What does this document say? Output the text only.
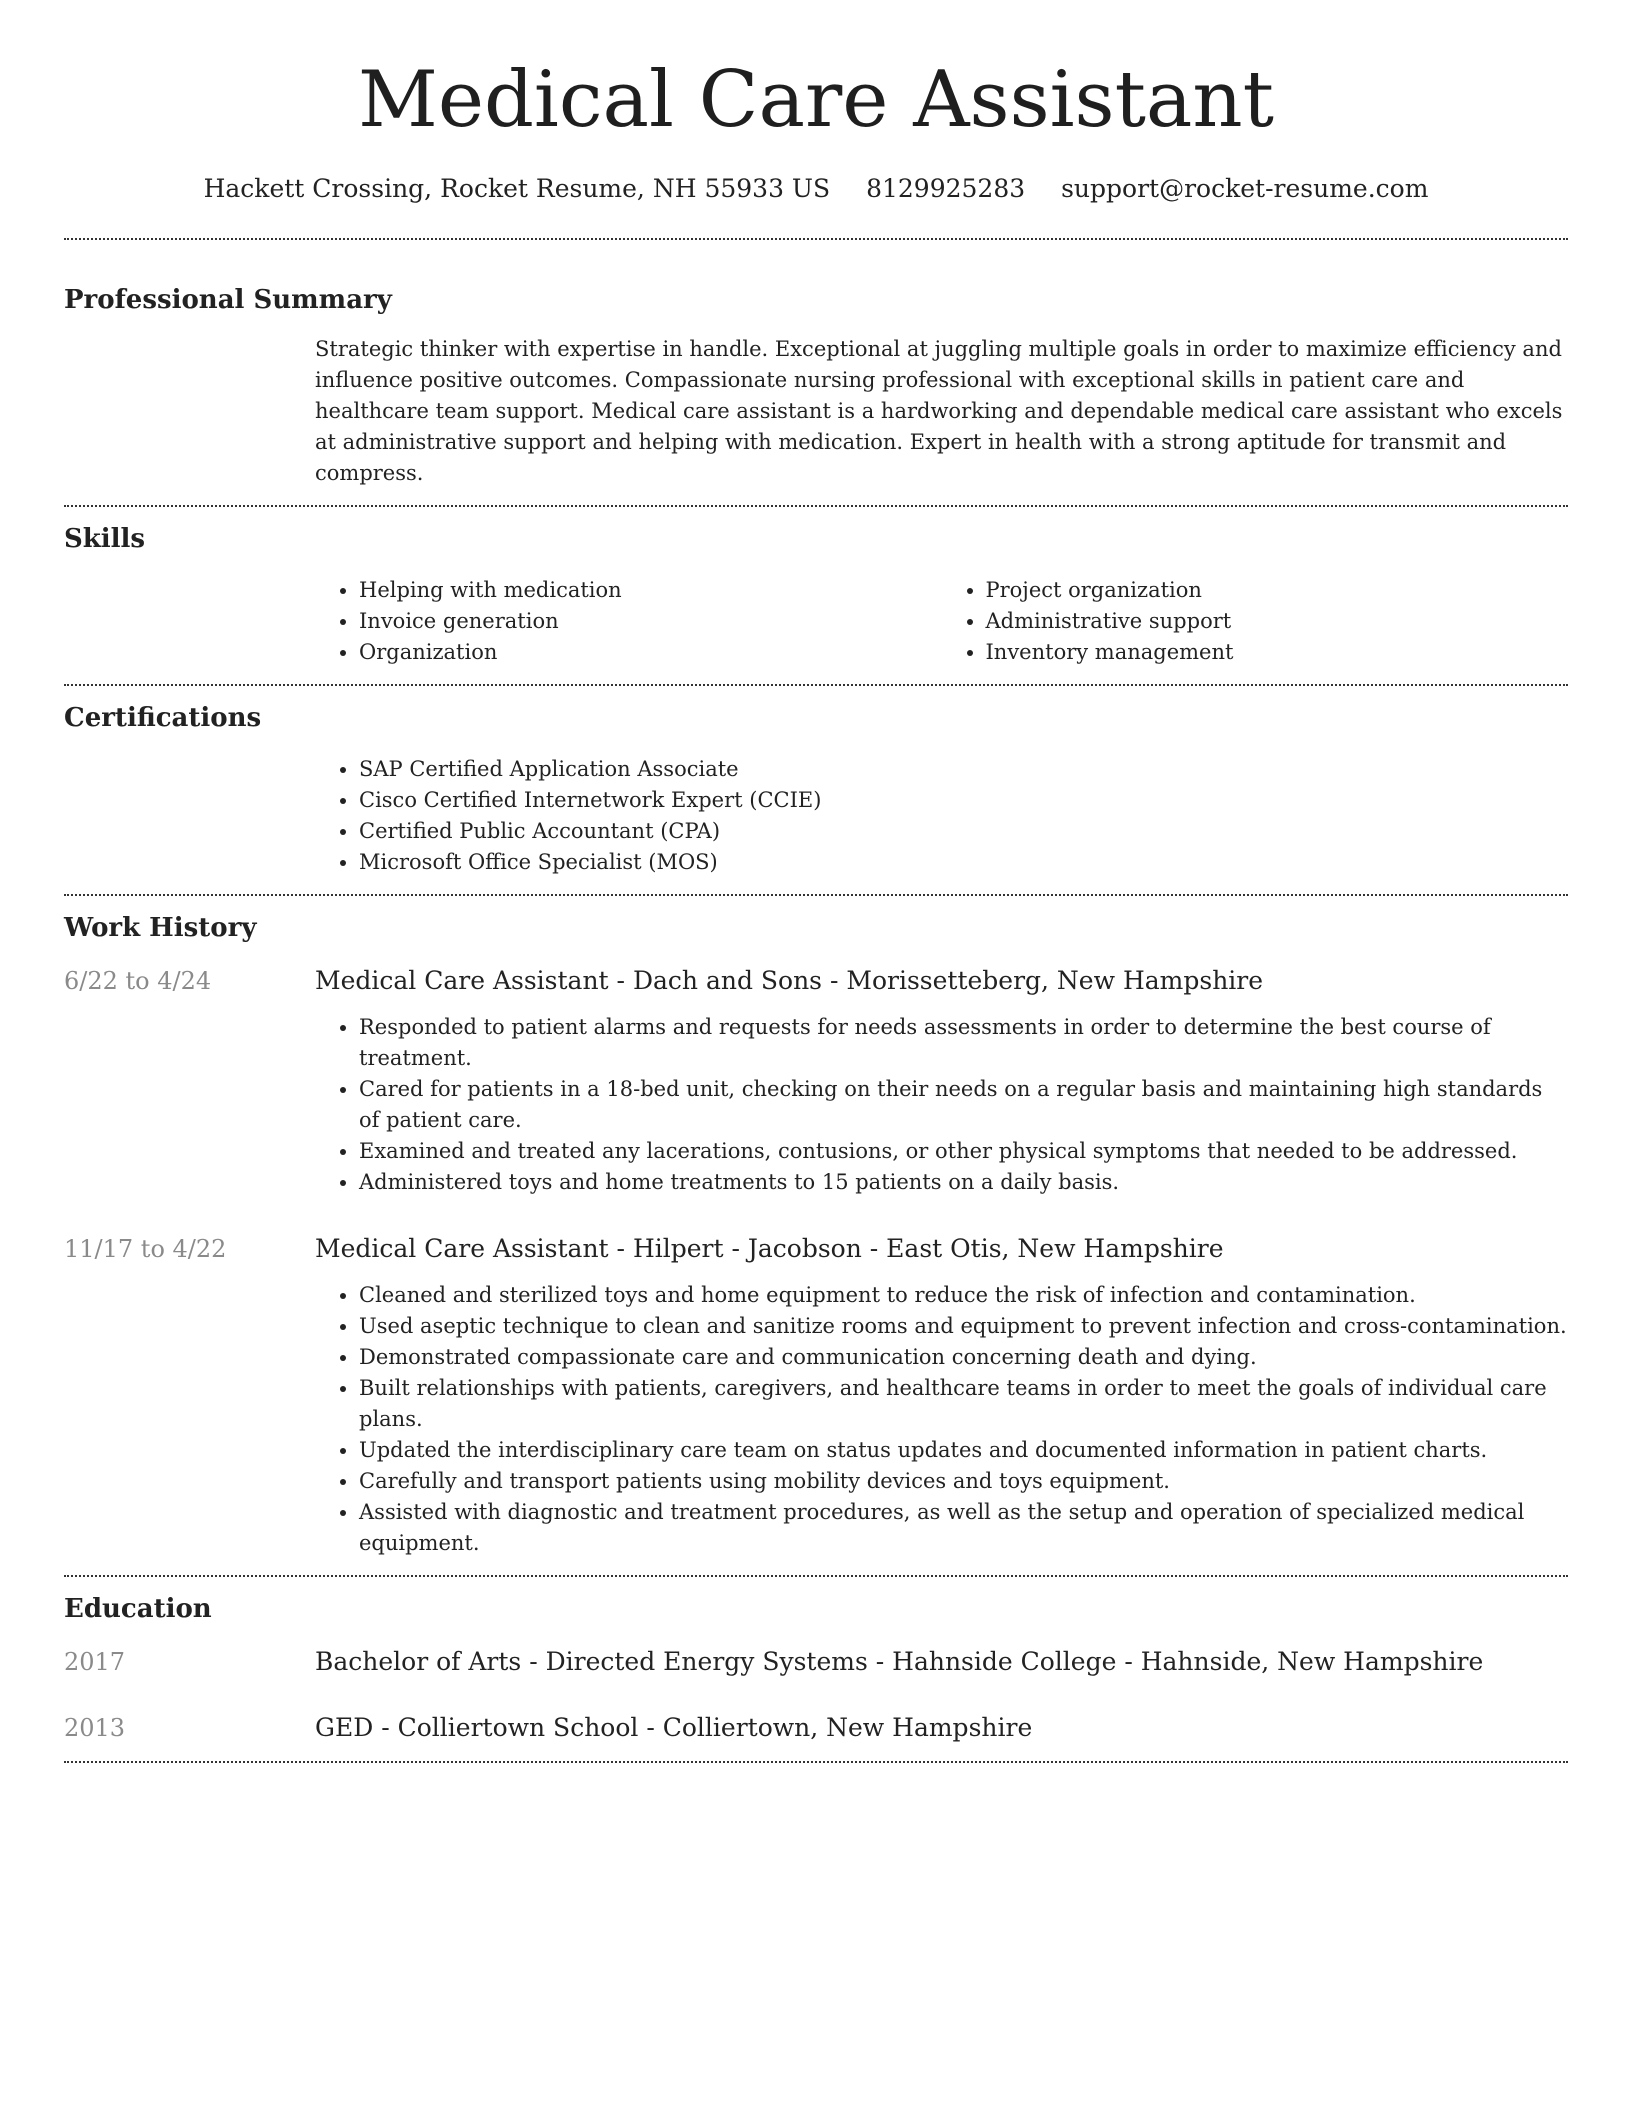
Medical Care Assistant
Hackett Crossing, Rocket Resume, NH 55933 US 8129925283 support@rocket-resume.com
Professional Summary
Strategic thinker with expertise in handle. Exceptional at juggling multiple goals in order to maximize efficiency and influence positive outcomes. Compassionate nursing professional with exceptional skills in patient care and healthcare team support. Medical care assistant is a hardworking and dependable medical care assistant who excels at administrative support and helping with medication. Expert in health with a strong aptitude for transmit and compress.
Skills
• Helping with medication
• Invoice generation
• Organization
• Project organization
• Administrative support
• Inventory management
Certifications
• SAP Certified Application Associate
• Cisco Certified Internetwork Expert (CCIE)
• Certified Public Accountant (CPA)
• Microsoft Office Specialist (MOS)
Work History
6/22 to 4/24	Medical Care Assistant - Dach and Sons - Morissetteberg, New Hampshire
• Responded to patient alarms and requests for needs assessments in order to determine the best course of treatment.
• Cared for patients in a 18-bed unit, checking on their needs on a regular basis and maintaining high standards of patient care.
• Examined and treated any lacerations, contusions, or other physical symptoms that needed to be addressed.
• Administered toys and home treatments to 15 patients on a daily basis.
11/17 to 4/22	Medical Care Assistant - Hilpert - Jacobson - East Otis, New Hampshire
• Cleaned and sterilized toys and home equipment to reduce the risk of infection and contamination.
• Used aseptic technique to clean and sanitize rooms and equipment to prevent infection and cross-contamination.
• Demonstrated compassionate care and communication concerning death and dying.
• Built relationships with patients, caregivers, and healthcare teams in order to meet the goals of individual care plans.
• Updated the interdisciplinary care team on status updates and documented information in patient charts.
• Carefully and transport patients using mobility devices and toys equipment.
• Assisted with diagnostic and treatment procedures, as well as the setup and operation of specialized medical equipment.
Education
2017	Bachelor of Arts - Directed Energy Systems - Hahnside College - Hahnside, New Hampshire
2013	GED - Colliertown School - Colliertown, New Hampshire
